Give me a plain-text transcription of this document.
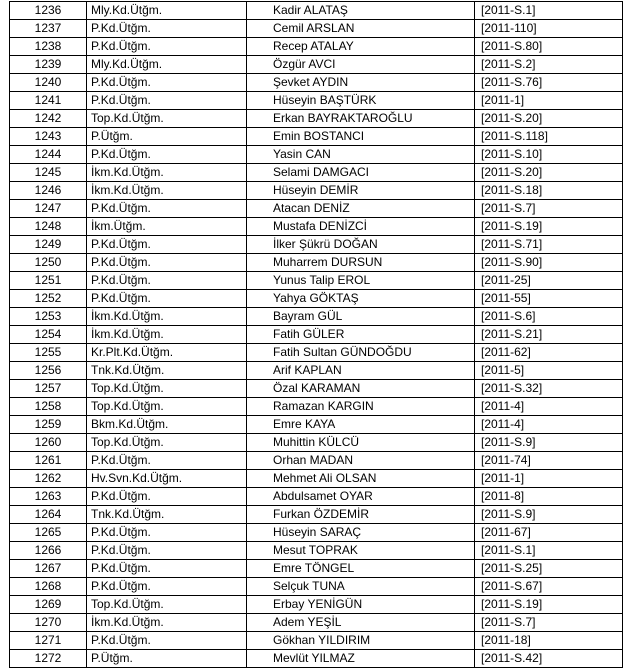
1236	Mly.Kd.Ütğm.	Kadir ALATAŞ	[2011-S.1]
1237	P.Kd.Ütğm.	Cemil ARSLAN	[2011-110]
1238	P.Kd.Ütğm.	Recep ATALAY	[2011-S.80]
1239	Mly.Kd.Ütğm.	Özgür AVCI	[2011-S.2]
1240	P.Kd.Ütğm.	Şevket AYDIN	[2011-S.76]
1241	P.Kd.Ütğm.	Hüseyin BAŞTÜRK	[2011-1]
1242	Top.Kd.Ütğm.	Erkan BAYRAKTAROĞLU	[2011-S.20]
1243	P.Ütğm.	Emin BOSTANCI	[2011-S.118]
1244	P.Kd.Ütğm.	Yasin CAN	[2011-S.10]
1245	İkm.Kd.Ütğm.	Selami DAMGACI	[2011-S.20]
1246	İkm.Kd.Ütğm.	Hüseyin DEMİR	[2011-S.18]
1247	P.Kd.Ütğm.	Atacan DENİZ	[2011-S.7]
1248	İkm.Ütğm.	Mustafa DENİZCİ	[2011-S.19]
1249	P.Kd.Ütğm.	İlker Şükrü DOĞAN	[2011-S.71]
1250	P.Kd.Ütğm.	Muharrem DURSUN	[2011-S.90]
1251	P.Kd.Ütğm.	Yunus Talip EROL	[2011-25]
1252	P.Kd.Ütğm.	Yahya GÖKTAŞ	[2011-55]
1253	İkm.Kd.Ütğm.	Bayram GÜL	[2011-S.6]
1254	İkm.Kd.Ütğm.	Fatih GÜLER	[2011-S.21]
1255	Kr.Plt.Kd.Ütğm.	Fatih Sultan GÜNDOĞDU	[2011-62]
1256	Tnk.Kd.Ütğm.	Arif KAPLAN	[2011-5]
1257	Top.Kd.Ütğm.	Özal KARAMAN	[2011-S.32]
1258	Top.Kd.Ütğm.	Ramazan KARGIN	[2011-4]
1259	Bkm.Kd.Ütğm.	Emre KAYA	[2011-4]
1260	Top.Kd.Ütğm.	Muhittin KÜLCÜ	[2011-S.9]
1261	P.Kd.Ütğm.	Orhan MADAN	[2011-74]
1262	Hv.Svn.Kd.Ütğm.	Mehmet Ali OLSAN	[2011-1]
1263	P.Kd.Ütğm.	Abdulsamet OYAR	[2011-8]
1264	Tnk.Kd.Ütğm.	Furkan ÖZDEMİR	[2011-S.9]
1265	P.Kd.Ütğm.	Hüseyin SARAÇ	[2011-67]
1266	P.Kd.Ütğm.	Mesut TOPRAK	[2011-S.1]
1267	P.Kd.Ütğm.	Emre TÖNGEL	[2011-S.25]
1268	P.Kd.Ütğm.	Selçuk TUNA	[2011-S.67]
1269	Top.Kd.Ütğm.	Erbay YENİGÜN	[2011-S.19]
1270	İkm.Kd.Ütğm.	Adem YEŞİL	[2011-S.7]
1271	P.Kd.Ütğm.	Gökhan YILDIRIM	[2011-18]
1272	P.Ütğm.	Mevlüt YILMAZ	[2011-S.42]
